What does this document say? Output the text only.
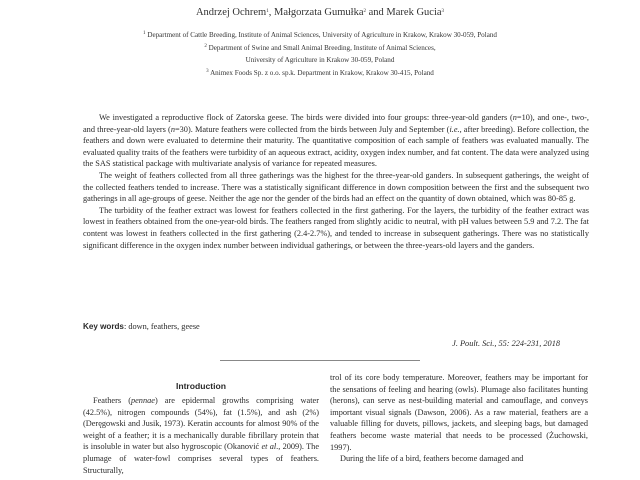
Andrzej Ochrem$^1$, Małgorzata Gumułka$^2$ and Marek Gucia$^3$
$^1$ Department of Cattle Breeding, Institute of Animal Sciences, University of Agriculture in Krakow, Krakow 30-059, Poland
$^2$ Department of Swine and Small Animal Breeding, Institute of Animal Sciences,
University of Agriculture in Krakow 30-059, Poland
$^3$ Animex Foods Sp. z o.o. sp.k. Department in Krakow, Krakow 30-415, Poland

We investigated a reproductive flock of Zatorska geese. The birds were divided into four groups: three-year-old ganders (n=10), and one-, two-, and three-year-old layers (n=30). Mature feathers were collected from the birds between July and September (i.e., after breeding). Before collection, the feathers and down were evaluated to determine their maturity. The quantitative composition of each sample of feathers was evaluated manually. The evaluated quality traits of the feathers were turbidity of an aqueous extract, acidity, oxygen index number, and fat content. The data were analyzed using the SAS statistical package with multivariate analysis of variance for repeated measures.

The weight of feathers collected from all three gatherings was the highest for the three-year-old ganders. In subsequent gatherings, the weight of the collected feathers tended to increase. There was a statistically significant difference in down composition between the first and the subsequent two gatherings in all age-groups of geese. Neither the age nor the gender of the birds had an effect on the quantity of down obtained, which was 80-85 g.

The turbidity of the feather extract was lowest for feathers collected in the first gathering. For the layers, the turbidity of the feather extract was lowest in feathers obtained from the one-year-old birds. The feathers ranged from slightly acidic to neutral, with pH values between 5.9 and 7.2. The fat content was lowest in feathers collected in the first gathering (2.4-2.7%), and tended to increase in subsequent gatherings. There was no statistically significant difference in the oxygen index number between individual gatherings, or between the three-years-old layers and the ganders.

Key words: down, feathers, geese
J. Poult. Sci., 55: 224-231, 2018
Introduction

Feathers (pennae) are epidermal growths comprising water (42.5%), nitrogen compounds (54%), fat (1.5%), and ash (2%) (Deręgowski and Jusik, 1973). Keratin accounts for almost 90% of the weight of a feather; it is a mechanically durable fibrillary protein that is insoluble in water but also hygroscopic (Okanović et al., 2009). The plumage of water-fowl comprises several types of feathers. Structurally,

trol of its core body temperature. Moreover, feathers may be important for the sensations of feeling and hearing (owls). Plumage also facilitates hunting (herons), can serve as nest-building material and camouflage, and conveys important visual signals (Dawson, 2006). As a raw material, feathers are a valuable filling for duvets, pillows, jackets, and sleeping bags, but damaged feathers become waste material that needs to be processed (Żuchowski, 1997).

During the life of a bird, feathers become damaged and
